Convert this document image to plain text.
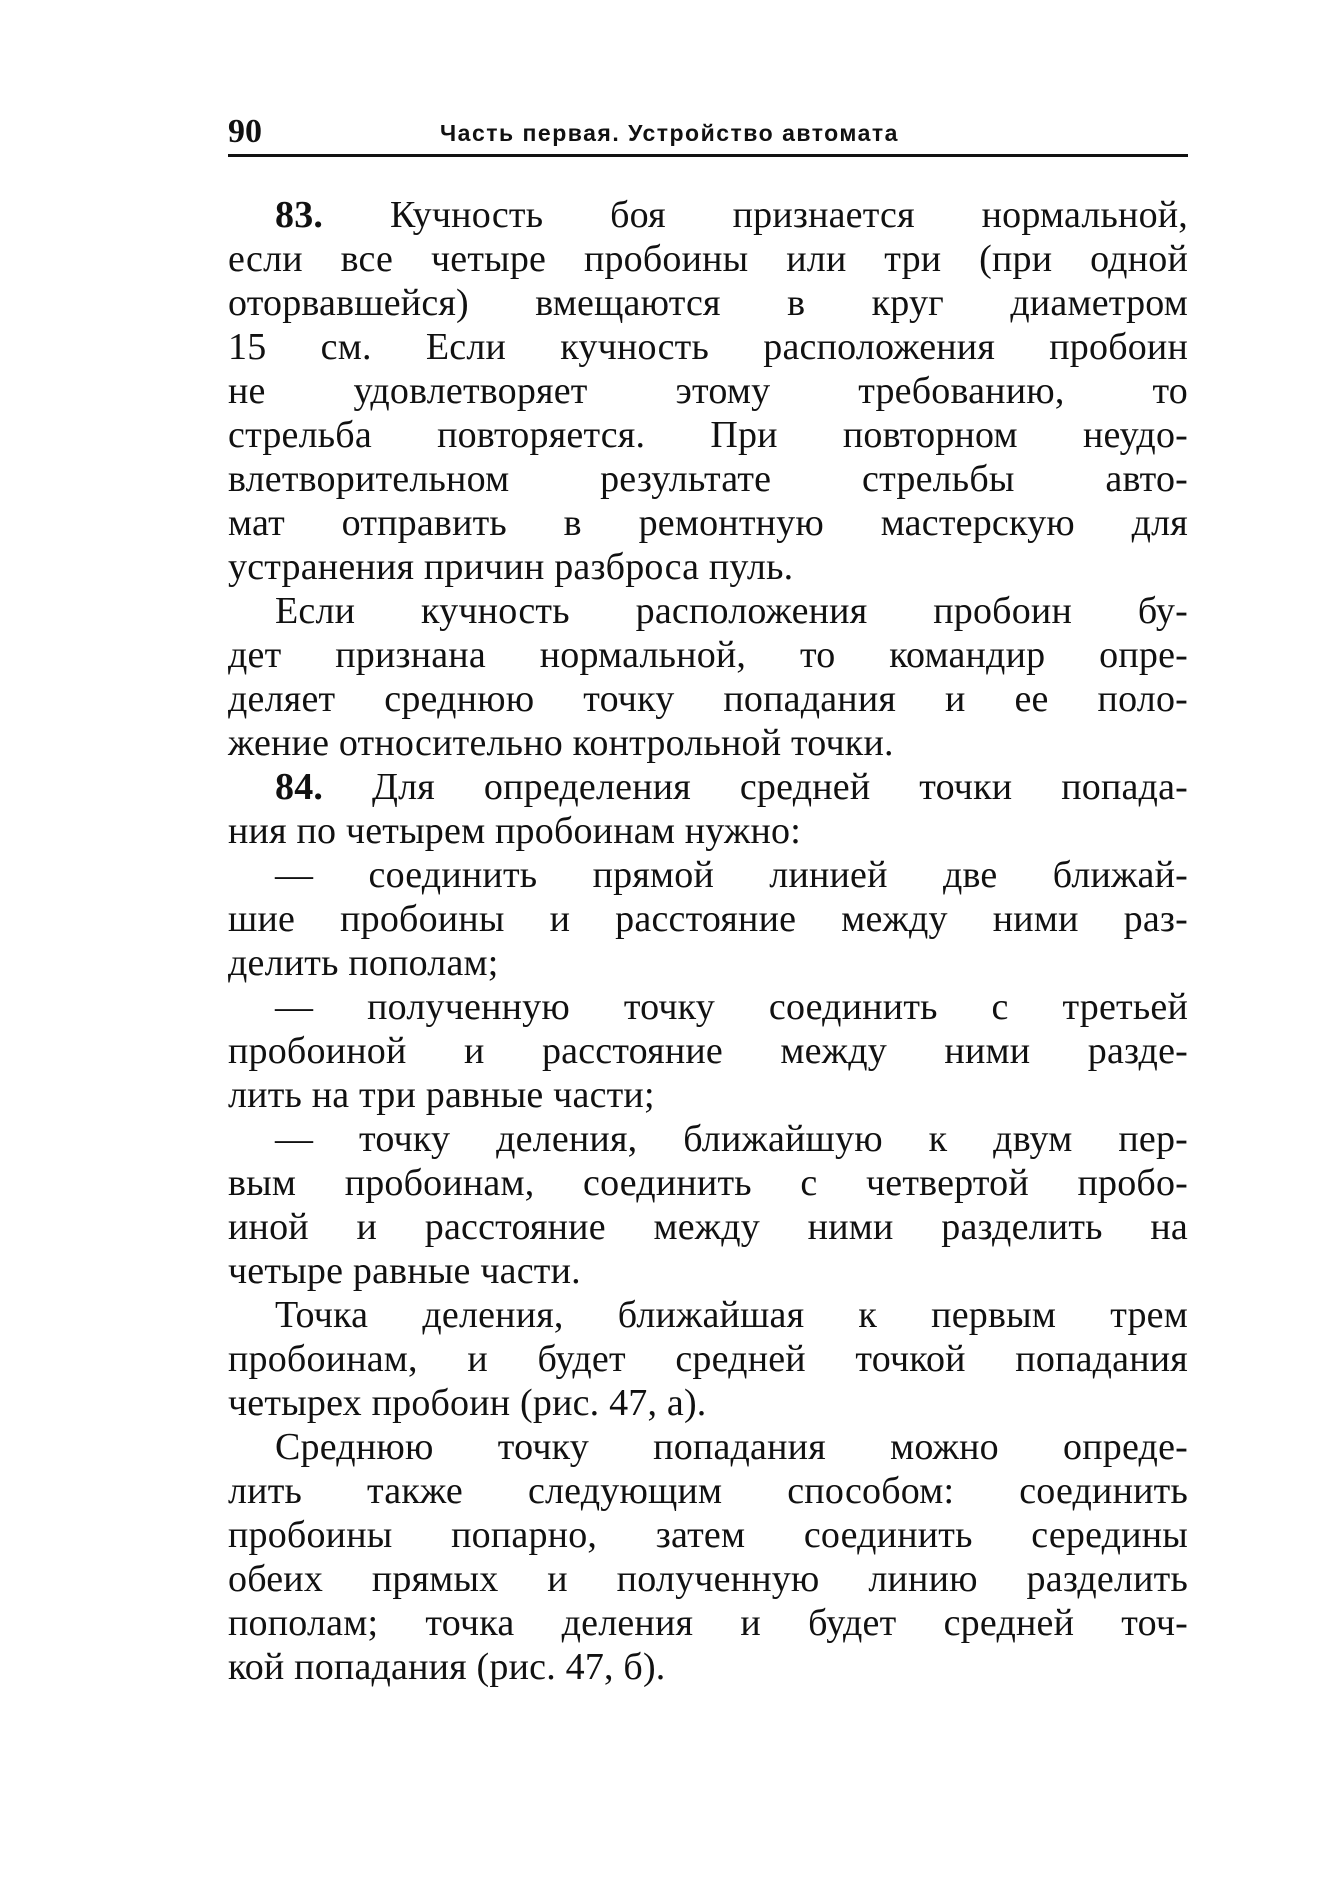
90	Часть первая. Устройство автомата
83. Кучность боя признается нормальной,
если все четыре пробоины или три (при одной
оторвавшейся) вмещаются в круг диаметром
15 см. Если кучность расположения пробоин
не удовлетворяет этому требованию, то
стрельба повторяется. При повторном неудо-
влетворительном результате стрельбы авто-
мат отправить в ремонтную мастерскую для
устранения причин разброса пуль.
Если кучность расположения пробоин бу-
дет признана нормальной, то командир опре-
деляет среднюю точку попадания и ее поло-
жение относительно контрольной точки.
84. Для определения средней точки попада-
ния по четырем пробоинам нужно:
— соединить прямой линией две ближай-
шие пробоины и расстояние между ними раз-
делить пополам;
— полученную точку соединить с третьей
пробоиной и расстояние между ними разде-
лить на три равные части;
— точку деления, ближайшую к двум пер-
вым пробоинам, соединить с четвертой пробо-
иной и расстояние между ними разделить на
четыре равные части.
Точка деления, ближайшая к первым трем
пробоинам, и будет средней точкой попадания
четырех пробоин (рис. 47, а).
Среднюю точку попадания можно опреде-
лить также следующим способом: соединить
пробоины попарно, затем соединить середины
обеих прямых и полученную линию разделить
пополам; точка деления и будет средней точ-
кой попадания (рис. 47, б).
